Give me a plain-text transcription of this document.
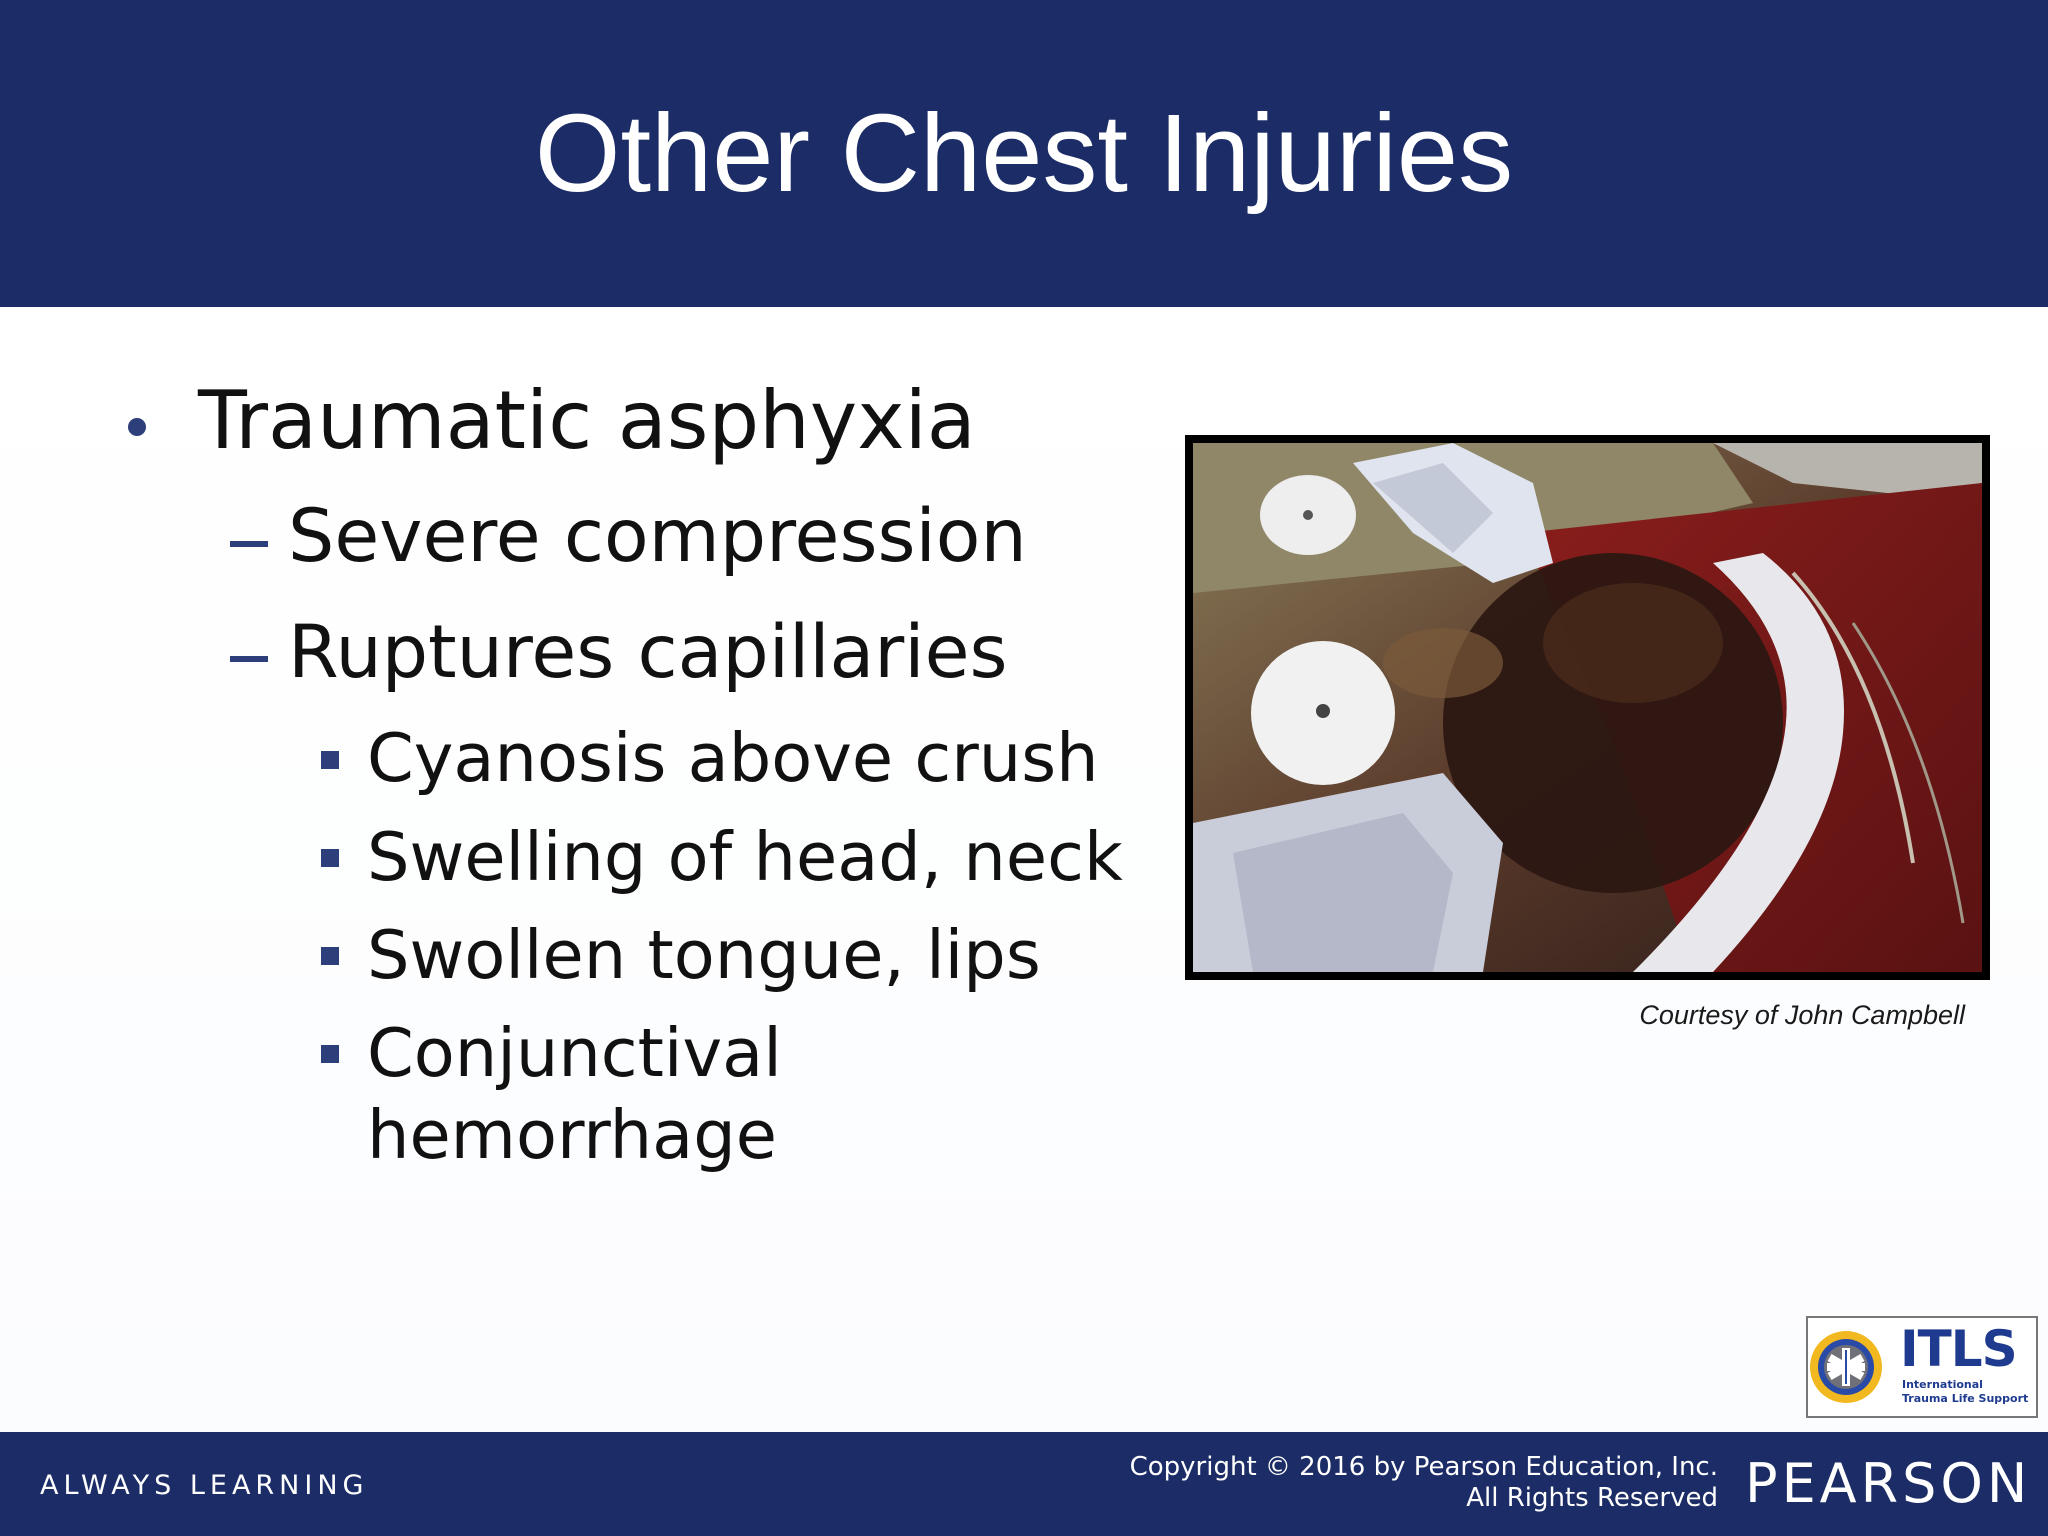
Other Chest Injuries
Traumatic asphyxia
Severe compression
Ruptures capillaries
Cyanosis above crush
Swelling of head, neck
Swollen tongue, lips
Conjunctival
hemorrhage
Courtesy of John Campbell
ITLS
International
Trauma Life Support
ALWAYS LEARNING
Copyright © 2016 by Pearson Education, Inc.
All Rights Reserved PEARSON
